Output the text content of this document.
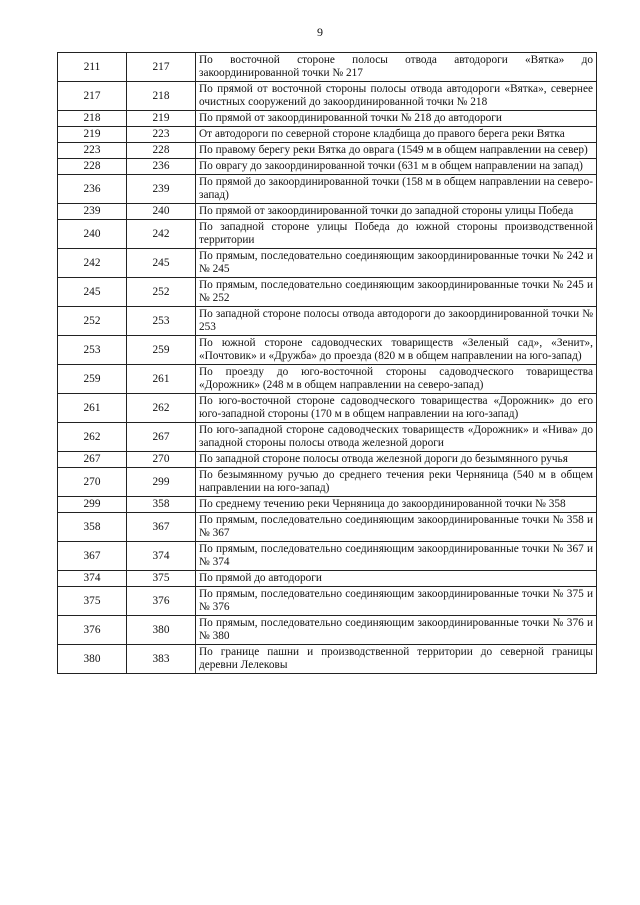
9
211	217	По восточной стороне полосы отвода автодороги «Вятка» до закоординированной точки № 217
217	218	По прямой от восточной стороны полосы отвода автодороги «Вятка», севернее очистных сооружений до закоординированной точки № 218
218	219	По прямой от закоординированной точки № 218 до автодороги
219	223	От автодороги по северной стороне кладбища до правого берега реки Вятка
223	228	По правому берегу реки Вятка до оврага (1549 м в общем направлении на север)
228	236	По оврагу до закоординированной точки (631 м в общем направлении на запад)
236	239	По прямой до закоординированной точки (158 м в общем направлении на северо-запад)
239	240	По прямой от закоординированной точки до западной стороны улицы Победа
240	242	По западной стороне улицы Победа до южной стороны производственной территории
242	245	По прямым, последовательно соединяющим закоординированные точки № 242 и № 245
245	252	По прямым, последовательно соединяющим закоординированные точки № 245 и № 252
252	253	По западной стороне полосы отвода автодороги до закоординированной точки № 253
253	259	По южной стороне садоводческих товариществ «Зеленый сад», «Зенит», «Почтовик» и «Дружба» до проезда (820 м в общем направлении на юго-запад)
259	261	По проезду до юго-восточной стороны садоводческого товарищества «Дорожник» (248 м в общем направлении на северо-запад)
261	262	По юго-восточной стороне садоводческого товарищества «Дорожник» до его юго-западной стороны (170 м в общем направлении на юго-запад)
262	267	По юго-западной стороне садоводческих товариществ «Дорожник» и «Нива» до западной стороны полосы отвода железной дороги
267	270	По западной стороне полосы отвода железной дороги до безымянного ручья
270	299	По безымянному ручью до среднего течения реки Черняница (540 м в общем направлении на юго-запад)
299	358	По среднему течению реки Черняница до закоординированной точки № 358
358	367	По прямым, последовательно соединяющим закоординированные точки № 358 и № 367
367	374	По прямым, последовательно соединяющим закоординированные точки № 367 и № 374
374	375	По прямой до автодороги
375	376	По прямым, последовательно соединяющим закоординированные точки № 375 и № 376
376	380	По прямым, последовательно соединяющим закоординированные точки № 376 и № 380
380	383	По границе пашни и производственной территории до северной границы деревни Лелековы
